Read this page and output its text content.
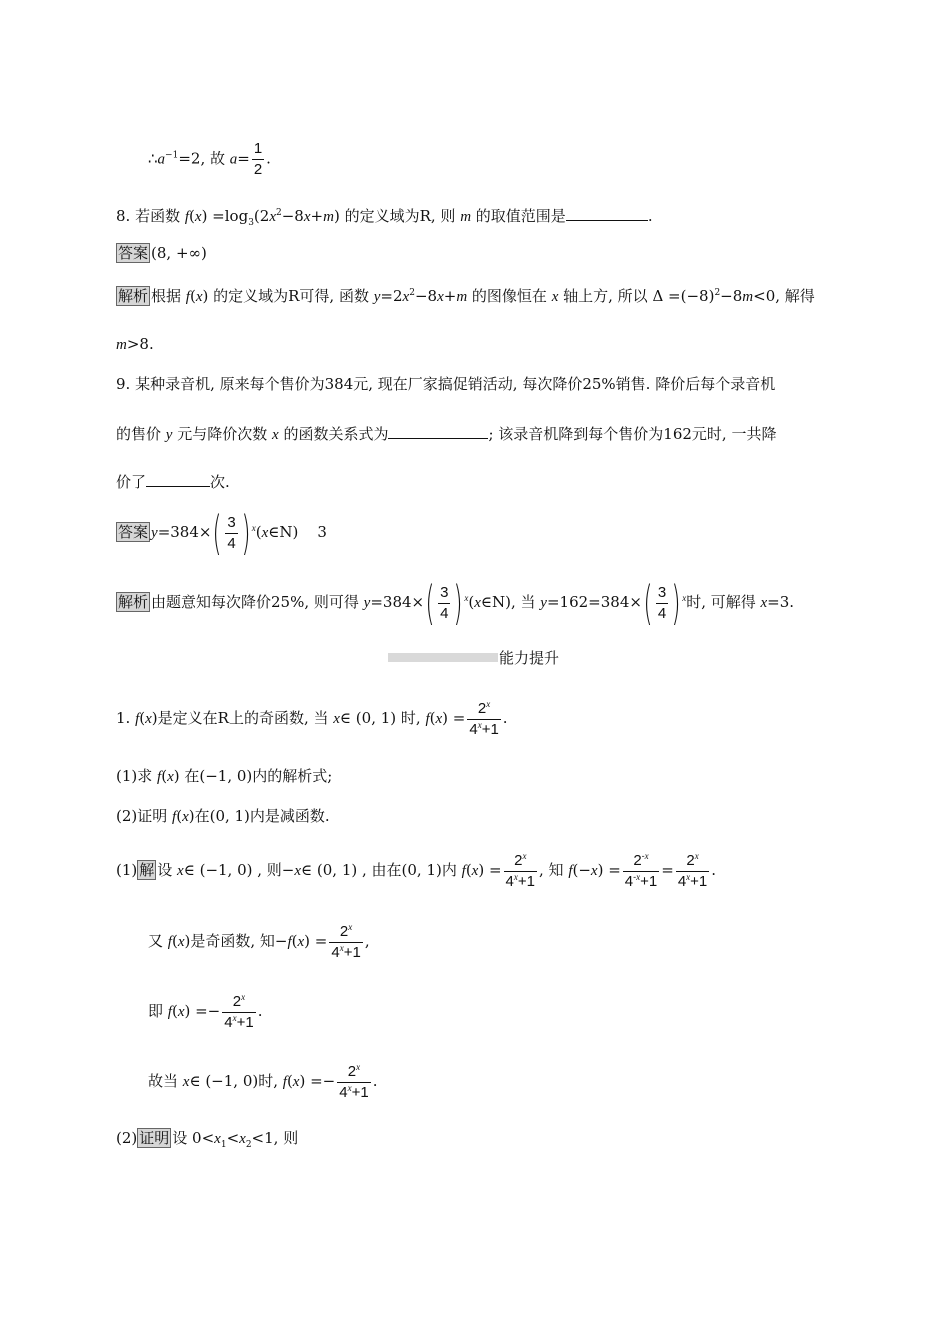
$\therefore a^{-1}=2$, 故 $a= \frac{1}{2}$ .
8. 若函数 $f(x) =\log_3(2x^2-8x+m)$ 的定义域为R, 则 m 的取值范围是	.
答案 (8, +∞)
解析 根据 f(x) 的定义域为R可得, 函数 $y=2x^2-8x+m$ 的图像恒在 x 轴上方, 所以 $\Delta =(-8)^2-8m<0$, 解得
m>8.
9. 某种录音机, 原来每个售价为384元, 现在厂家搞促销活动, 每次降价25%销售. 降价后每个录音机
的售价 y 元与降价次数 x 的函数关系式为	; 该录音机降到每个售价为162元时, 一共降
价了	次.
答案 $y=384\times( \frac{3}{4}$ )x(x∈N)    3
解析 由题意知每次降价25%, 则可得 $y=384\times( \frac{3}{4}$ )x(x∈N), 当 $y=162=384\times( \frac{3}{4} )x$时, 可解得 x=3.
能力提升
1. f(x)是定义在R上的奇函数, 当 x∈ (0, 1) 时, $f(x) = \frac{2^x}{4^x+1}$ .
(1)求 f(x) 在(−1, 0)内的解析式;
(2)证明 f(x)在(0, 1)内是减函数.
(1) 解 设 x∈ (−1, 0) , 则−x∈ (0, 1) , 由在(0, 1)内 $f(x) = \frac{2^x}{4^x+1}$ , 知 $f(-x) = \frac{2^{-x}}{4^{-x}+1} = \frac{2^x}{4^x+1}$ .
又 f(x)是奇函数, 知$-f(x) = \frac{2^x}{4^x+1}$ ,
即 $f(x) =- \frac{2^x}{4^x+1}$ .
故当 x∈ (−1, 0)时, $f(x) =- \frac{2^x}{4^x+1}$ .
(2) 证明 设 $0<x_1<x_2<1$, 则
